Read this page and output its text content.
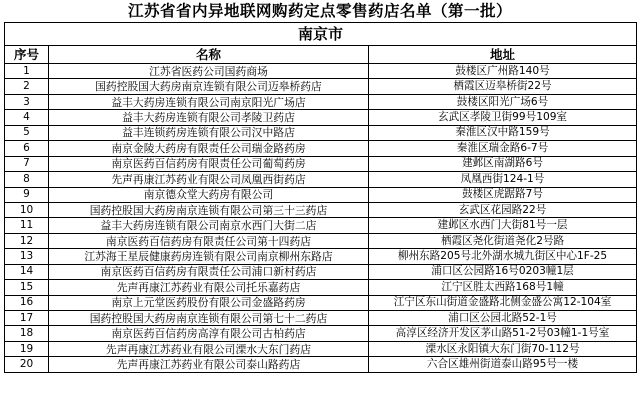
江苏省省内异地联网购药定点零售药店名单（第一批）
南京市		
序号	名称	地址
1	江苏省医药公司国药商场	鼓楼区广州路140号
2	国药控股国大药房南京连锁有限公司迈皋桥药店	栖霞区迈皋桥街22号
3	益丰大药房连锁有限公司南京阳光广场店	鼓楼区阳光广场6号
4	益丰大药房连锁有限公司孝陵卫药店	玄武区孝陵卫街99号109室
5	益丰连锁药房连锁有限公司汉中路店	秦淮区汉中路159号
6	南京金陵大药房有限责任公司瑞金路药房	秦淮区瑞金路6-7号
7	南京医药百信药房有限责任公司葡萄药房	建邺区南湖路6号
8	先声再康江苏药业有限公司凤凰西街药店	凤凰西街124-1号
9	南京德众堂大药房有限公司	鼓楼区虎踞路7号
10	国药控股国大药房南京连锁有限公司第三十三药店	玄武区花园路22号
11	益丰大药房连锁有限公司南京水西门大街二店	建邺区水西门大街81号一层
12	南京医药百信药房有限责任公司第十四药店	栖霞区尧化街道尧化2号路
13	江苏海王星辰健康药房连锁有限公司南京柳州东路店	柳州东路205号北外湖水城九街区中心1F-25
14	南京医药百信药房有限责任公司浦口新村药店	浦口区公园路16号0203幢1层
15	先声再康江苏药业有限公司托乐嘉药店	江宁区胜太西路168号1幢
16	南京上元堂医药股份有限公司金盛路药房	江宁区东山街道金盛路北侧金盛公寓12-104室
17	国药控股国大药房南京连锁有限公司第七十二药店	浦口区公园北路52-1号
18	南京医药百信药房高淳有限公司古柏药店	高淳区经济开发区茅山路51-2号03幢1-1号室
19	先声再康江苏药业有限公司溧水大东门药店	溧水区永阳镇大东门街70-112号
20	先声再康江苏药业有限公司泰山路药店	六合区雄州街道泰山路95号一楼
